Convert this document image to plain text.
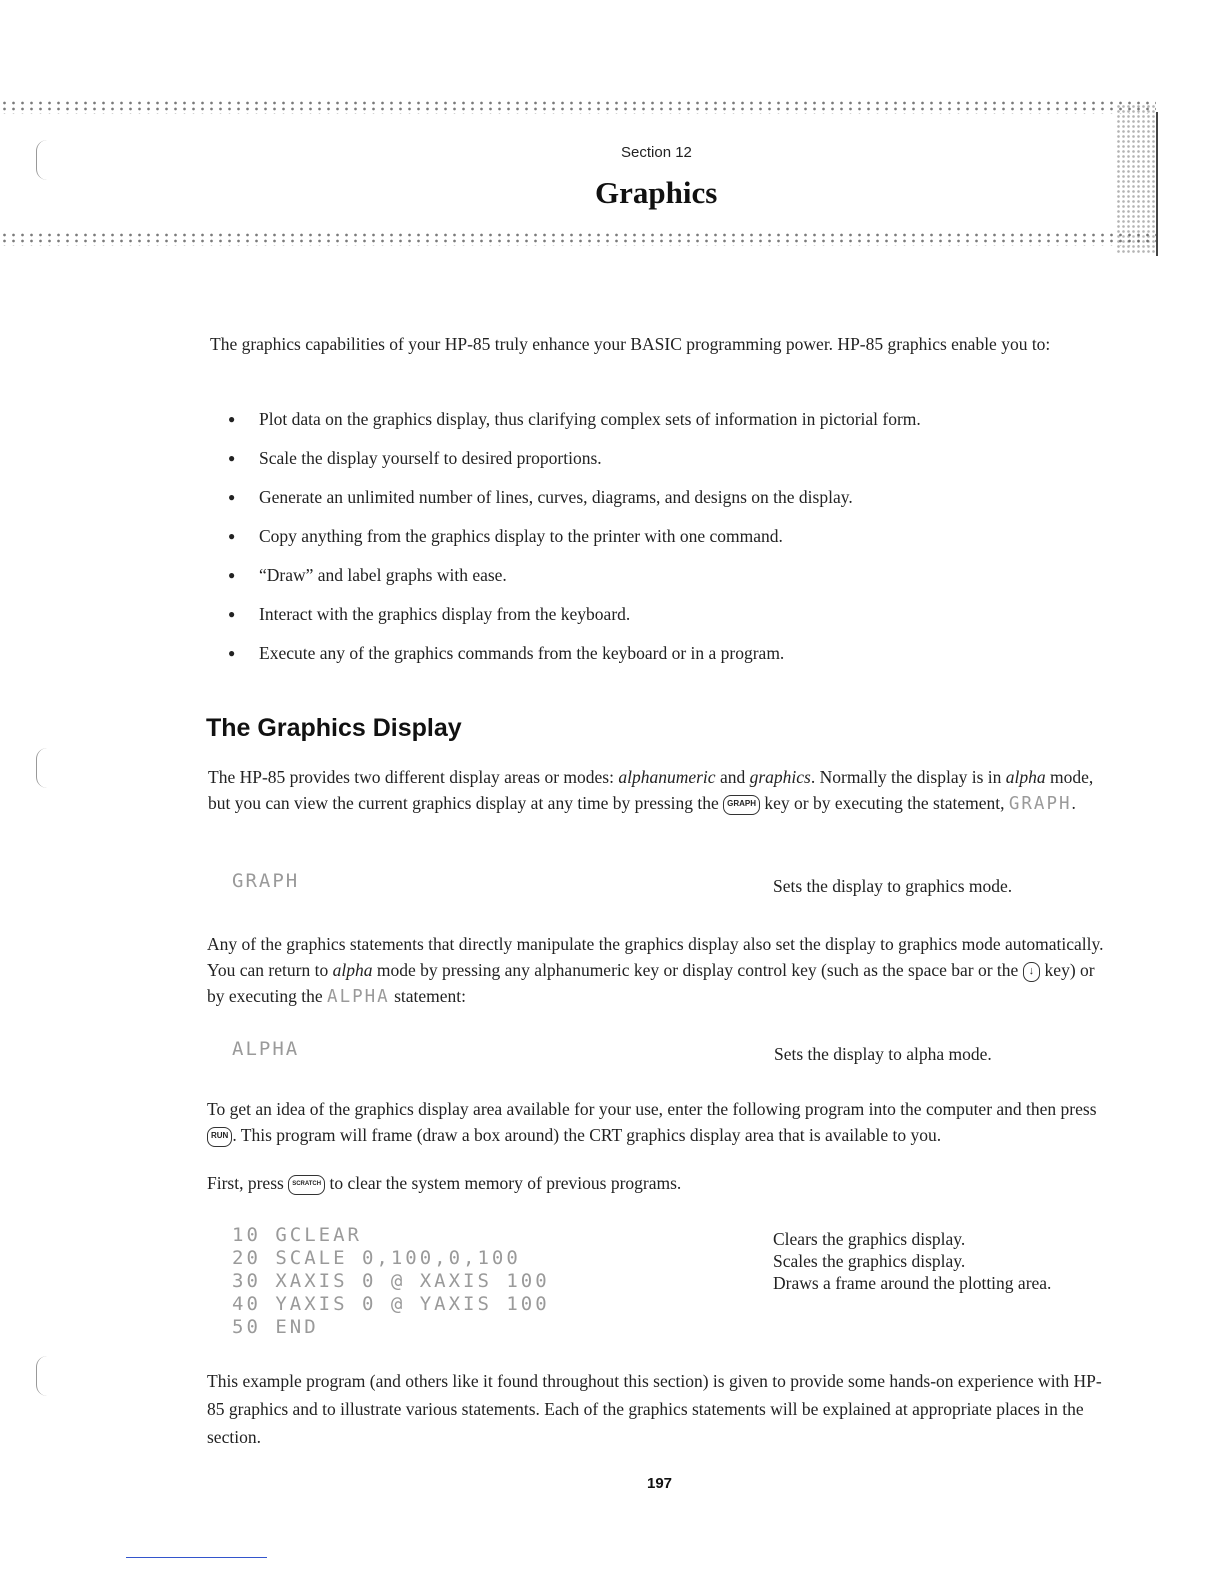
Section 12
Graphics
The graphics capabilities of your HP-85 truly enhance your BASIC programming power. HP-85 graphics enable you to:
● Plot data on the graphics display, thus clarifying complex sets of information in pictorial form.
● Scale the display yourself to desired proportions.
● Generate an unlimited number of lines, curves, diagrams, and designs on the display.
● Copy anything from the graphics display to the printer with one command.
● “Draw” and label graphs with ease.
● Interact with the graphics display from the keyboard.
● Execute any of the graphics commands from the keyboard or in a program.
The Graphics Display
The HP-85 provides two different display areas or modes: alphanumeric and graphics. Normally the display is in alpha mode, but you can view the current graphics display at any time by pressing the GRAPH key or by executing the statement, GRAPH.
GRAPH	Sets the display to graphics mode.
Any of the graphics statements that directly manipulate the graphics display also set the display to graphics mode automatically. You can return to alpha mode by pressing any alphanumeric key or display control key (such as the space bar or the ↓ key) or by executing the ALPHA statement:
ALPHA	Sets the display to alpha mode.
To get an idea of the graphics display area available for your use, enter the following program into the computer and then press RUN . This program will frame (draw a box around) the CRT graphics display area that is available to you.
First, press SCRATCH to clear the system memory of previous programs.
10 GCLEAR
20 SCALE 0,100,0,100
30 XAXIS 0 @ XAXIS 100
40 YAXIS 0 @ YAXIS 100
50 END
Clears the graphics display.
Scales the graphics display.
Draws a frame around the plotting area.
This example program (and others like it found throughout this section) is given to provide some hands-on experience with HP-85 graphics and to illustrate various statements. Each of the graphics statements will be explained at appropriate places in the section.
197
